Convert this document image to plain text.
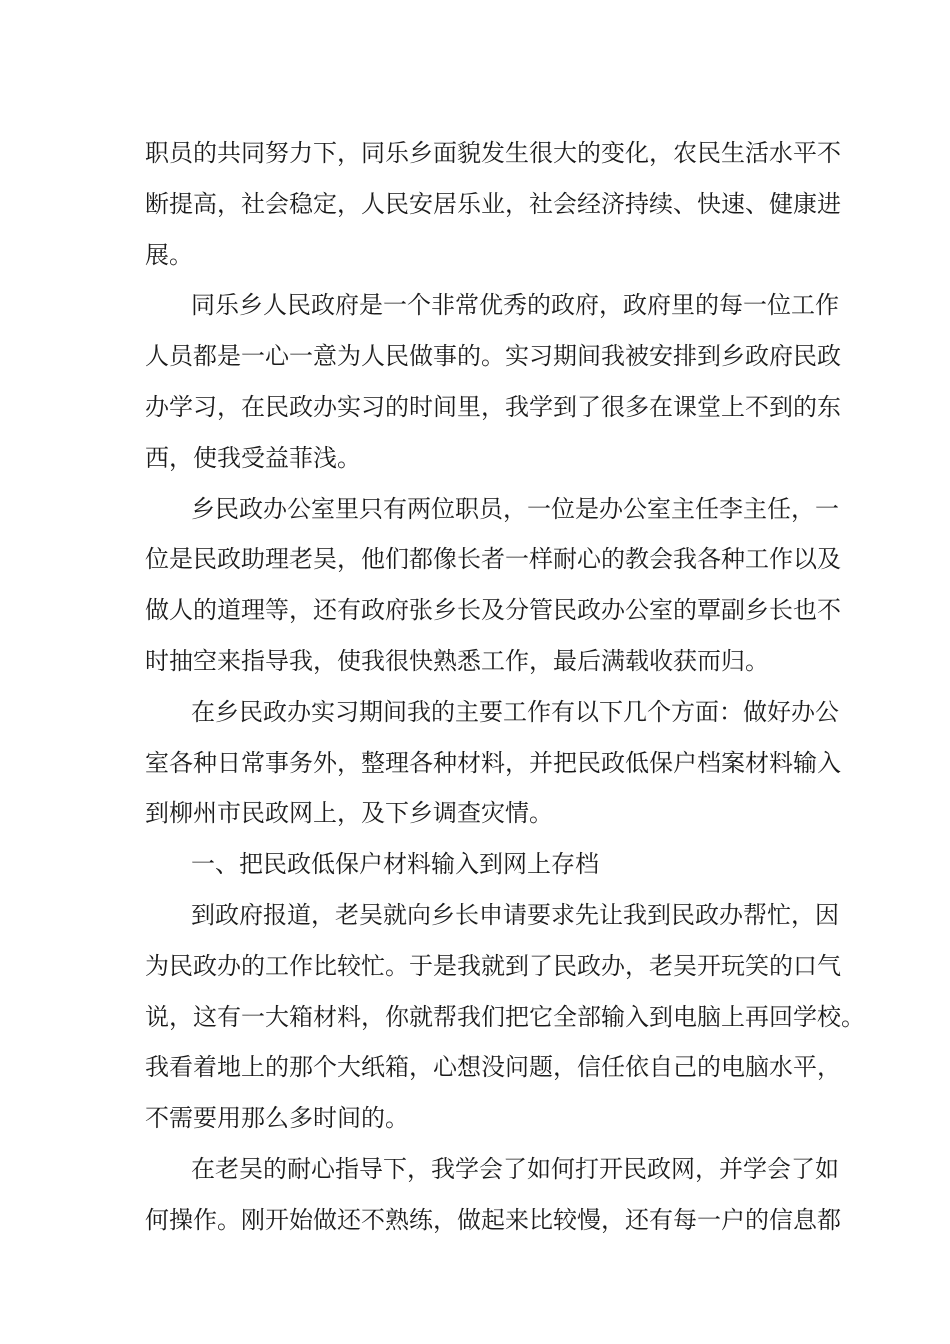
职员的共同努力下，同乐乡面貌发生很大的变化，农民生活水平不
断提高，社会稳定，人民安居乐业，社会经济持续、快速、健康进
展。
同乐乡人民政府是一个非常优秀的政府，政府里的每一位工作
人员都是一心一意为人民做事的。实习期间我被安排到乡政府民政
办学习，在民政办实习的时间里，我学到了很多在课堂上不到的东
西，使我受益菲浅。
乡民政办公室里只有两位职员，一位是办公室主任李主任，一
位是民政助理老吴，他们都像长者一样耐心的教会我各种工作以及
做人的道理等，还有政府张乡长及分管民政办公室的覃副乡长也不
时抽空来指导我，使我很快熟悉工作，最后满载收获而归。
在乡民政办实习期间我的主要工作有以下几个方面：做好办公
室各种日常事务外，整理各种材料，并把民政低保户档案材料输入
到柳州市民政网上，及下乡调查灾情。
一、把民政低保户材料输入到网上存档
到政府报道，老吴就向乡长申请要求先让我到民政办帮忙，因
为民政办的工作比较忙。于是我就到了民政办，老吴开玩笑的口气
说，这有一大箱材料，你就帮我们把它全部输入到电脑上再回学校。
我看着地上的那个大纸箱，心想没问题，信任依自己的电脑水平，
不需要用那么多时间的。
在老吴的耐心指导下，我学会了如何打开民政网，并学会了如
何操作。刚开始做还不熟练，做起来比较慢，还有每一户的信息都
